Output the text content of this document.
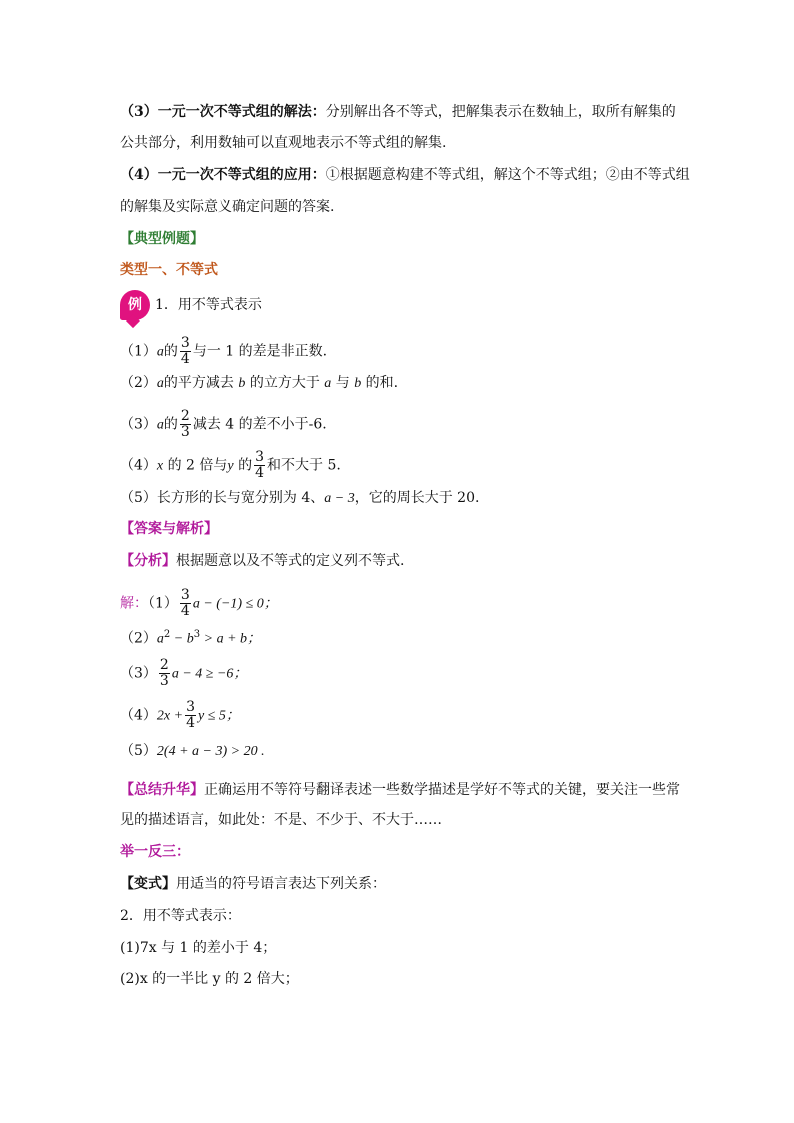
（3）一元一次不等式组的解法：分别解出各不等式，把解集表示在数轴上，取所有解集的
公共部分，利用数轴可以直观地表示不等式组的解集.
（4）一元一次不等式组的应用：①根据题意构建不等式组，解这个不等式组；②由不等式组
的解集及实际意义确定问题的答案.
【典型例题】
类型一、不等式
例 1．用不等式表示
（1）a的 $\frac{3}{4}$ 与一 1 的差是非正数.
（2）a的平方减去 b 的立方大于 a 与 b 的和.
（3）a的 $\frac{2}{3}$ 减去 4 的差不小于-6.
（4）x 的 2 倍与y 的 $\frac{3}{4}$ 和不大于 5.
（5）长方形的长与宽分别为 4、a − 3，它的周长大于 20.
【答案与解析】
【分析】根据题意以及不等式的定义列不等式.
解：$(1) \frac{3}{4}$ a − (−1) ≤ 0；
$(2)a^2 - b^3 > a + b$；
$(3) \frac{2}{3}$ a − 4 ≥ −6；
$(4)2x + \frac{3}{4}$ y ≤ 5；
（5）2(4 + a − 3) > 20 .
【总结升华】正确运用不等符号翻译表述一些数学描述是学好不等式的关键，要关注一些常
见的描述语言，如此处：不是、不少于、不大于……
举一反三：
【变式】用适当的符号语言表达下列关系：
2．用不等式表示：
(1)7x 与 1 的差小于 4；
(2)x 的一半比 y 的 2 倍大；
